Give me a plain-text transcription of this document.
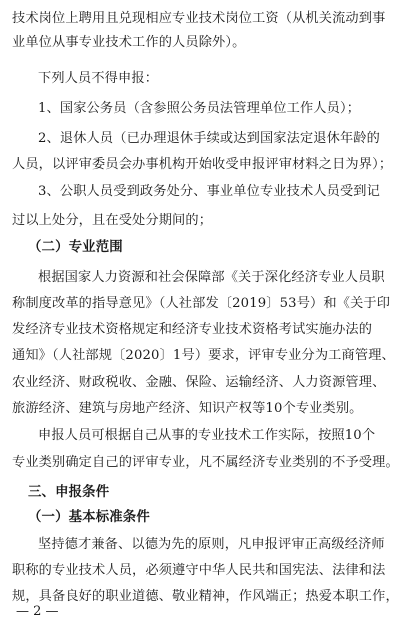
技术岗位上聘用且兑现相应专业技术岗位工资（从机关流动到事
业单位从事专业技术工作的人员除外）。
下列人员不得申报：
1、国家公务员（含参照公务员法管理单位工作人员）；
2、退休人员（已办理退休手续或达到国家法定退休年龄的
人员，以评审委员会办事机构开始收受申报评审材料之日为界）；
3、公职人员受到政务处分、事业单位专业技术人员受到记
过以上处分，且在受处分期间的；
（二）专业范围
根据国家人力资源和社会保障部《关于深化经济专业人员职
称制度改革的指导意见》（人社部发〔2019〕53号）和《关于印
发经济专业技术资格规定和经济专业技术资格考试实施办法的
通知》（人社部规〔2020〕1号）要求，评审专业分为工商管理、
农业经济、财政税收、金融、保险、运输经济、人力资源管理、
旅游经济、建筑与房地产经济、知识产权等10个专业类别。
申报人员可根据自己从事的专业技术工作实际，按照10个
专业类别确定自己的评审专业，凡不属经济专业类别的不予受理。
三、申报条件
（一）基本标准条件
坚持德才兼备、以德为先的原则，凡申报评审正高级经济师
职称的专业技术人员，必须遵守中华人民共和国宪法、法律和法
规，具备良好的职业道德、敬业精神，作风端正；热爱本职工作，
— 2 —
